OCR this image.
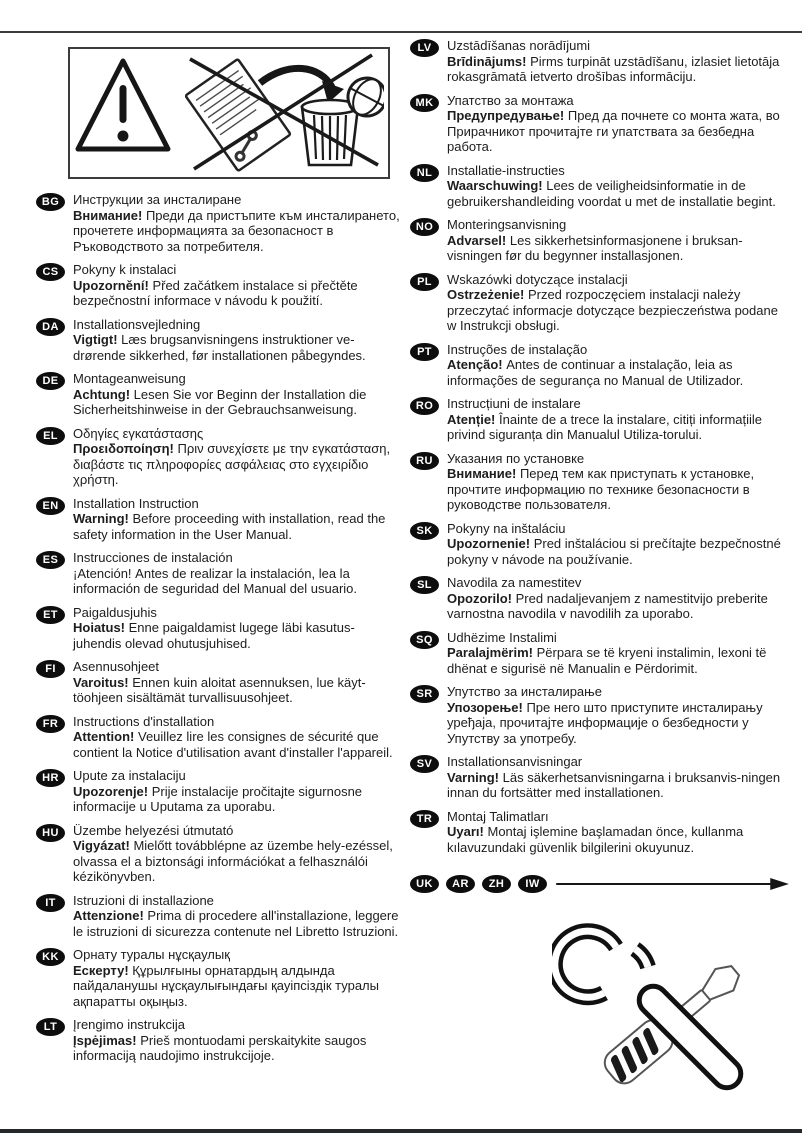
BG	Инструкции за инсталиране
Внимание! Преди да пристъпите към инсталирането, прочетете информацията за безопасност в Ръководството за потребителя.
CS	Pokyny k instalaci
Upozornění! Před začátkem instalace si přečtěte bezpečnostní informace v návodu k použití.
DA	Installationsvejledning
Vigtigt! Læs brugsanvisningens instruktioner ve-drørende sikkerhed, før installationen påbegyndes.
DE	Montageanweisung
Achtung! Lesen Sie vor Beginn der Installation die Sicherheitshinweise in der Gebrauchsanweisung.
EL	Οδηγίες εγκατάστασης
Προειδοποίηση! Πριν συνεχίσετε με την εγκατάσταση, διαβάστε τις πληροφορίες ασφάλειας στο εγχειρίδιο χρήστη.
EN	Installation Instruction
Warning! Before proceeding with installation, read the safety information in the User Manual.
ES	Instrucciones de instalación
¡Atención! Antes de realizar la instalación, lea la información de seguridad del Manual del usuario.
ET	Paigaldusjuhis
Hoiatus! Enne paigaldamist lugege läbi kasutus-juhendis olevad ohutusjuhised.
FI	Asennusohjeet
Varoitus! Ennen kuin aloitat asennuksen, lue käyt-töohjeen sisältämät turvallisuusohjeet.
FR	Instructions d'installation
Attention! Veuillez lire les consignes de sécurité que contient la Notice d'utilisation avant d'installer l'appareil.
HR	Upute za instalaciju
Upozorenje! Prije instalacije pročitajte sigurnosne informacije u Uputama za uporabu.
HU	Üzembe helyezési útmutató
Vigyázat! Mielőtt továbblépne az üzembe hely-ezéssel, olvassa el a biztonsági információkat a felhasználói kézikönyvben.
IT	Istruzioni di installazione
Attenzione! Prima di procedere all'installazione, leggere le istruzioni di sicurezza contenute nel Libretto Istruzioni.
KK	Орнату туралы нұсқаулық
Ескерту! Құрылғыны орнатардың алдында пайдаланушы нұсқаулығындағы қауіпсіздік туралы ақпаратты оқыңыз.
LT	Įrengimo instrukcija
Įspėjimas! Prieš montuodami perskaitykite saugos informaciją naudojimo instrukcijoje.
LV	Uzstādīšanas norādījumi
Brīdinājums! Pirms turpināt uzstādīšanu, izlasiet lietotāja rokasgrāmatā ietverto drošības informāciju.
MK	Упатство за монтажа
Предупредување! Пред да почнете со монта жата, во Прирачникот прочитајте ги упатствата за безбедна работа.
NL	Installatie-instructies
Waarschuwing! Lees de veiligheidsinformatie in de gebruikershandleiding voordat u met de installatie begint.
NO	Monteringsanvisning
Advarsel! Les sikkerhetsinformasjonene i bruksan-visningen før du begynner installasjonen.
PL	Wskazówki dotyczące instalacji
Ostrzeżenie! Przed rozpoczęciem instalacji należy przeczytać informacje dotyczące bezpieczeństwa podane w Instrukcji obsługi.
PT	Instruções de instalação
Atenção! Antes de continuar a instalação, leia as informações de segurança no Manual de Utilizador.
RO	Instrucțiuni de instalare
Atenție! Înainte de a trece la instalare, citiți informațiile privind siguranța din Manualul Utiliza-torului.
RU	Указания по установке
Внимание! Перед тем как приступать к установке, прочтите информацию по технике безопасности в руководстве пользователя.
SK	Pokyny na inštaláciu
Upozornenie! Pred inštaláciou si prečítajte bezpečnostné pokyny v návode na používanie.
SL	Navodila za namestitev
Opozorilo! Pred nadaljevanjem z namestitvijo preberite varnostna navodila v navodilih za uporabo.
SQ	Udhëzime Instalimi
Paralajmërim! Përpara se të kryeni instalimin, lexoni të dhënat e sigurisë në Manualin e Përdorimit.
SR	Упутство за инсталирање
Упозорење! Пре него што приступите инсталирању уређаја, прочитајте информације о безбедности у Упутству за употребу.
SV	Installationsanvisningar
Varning! Läs säkerhetsanvisningarna i bruksanvis-ningen innan du fortsätter med installationen.
TR	Montaj Talimatları
Uyarı! Montaj işlemine başlamadan önce, kullanma kılavuzundaki güvenlik bilgilerini okuyunuz.
UK	AR	ZH	IW
